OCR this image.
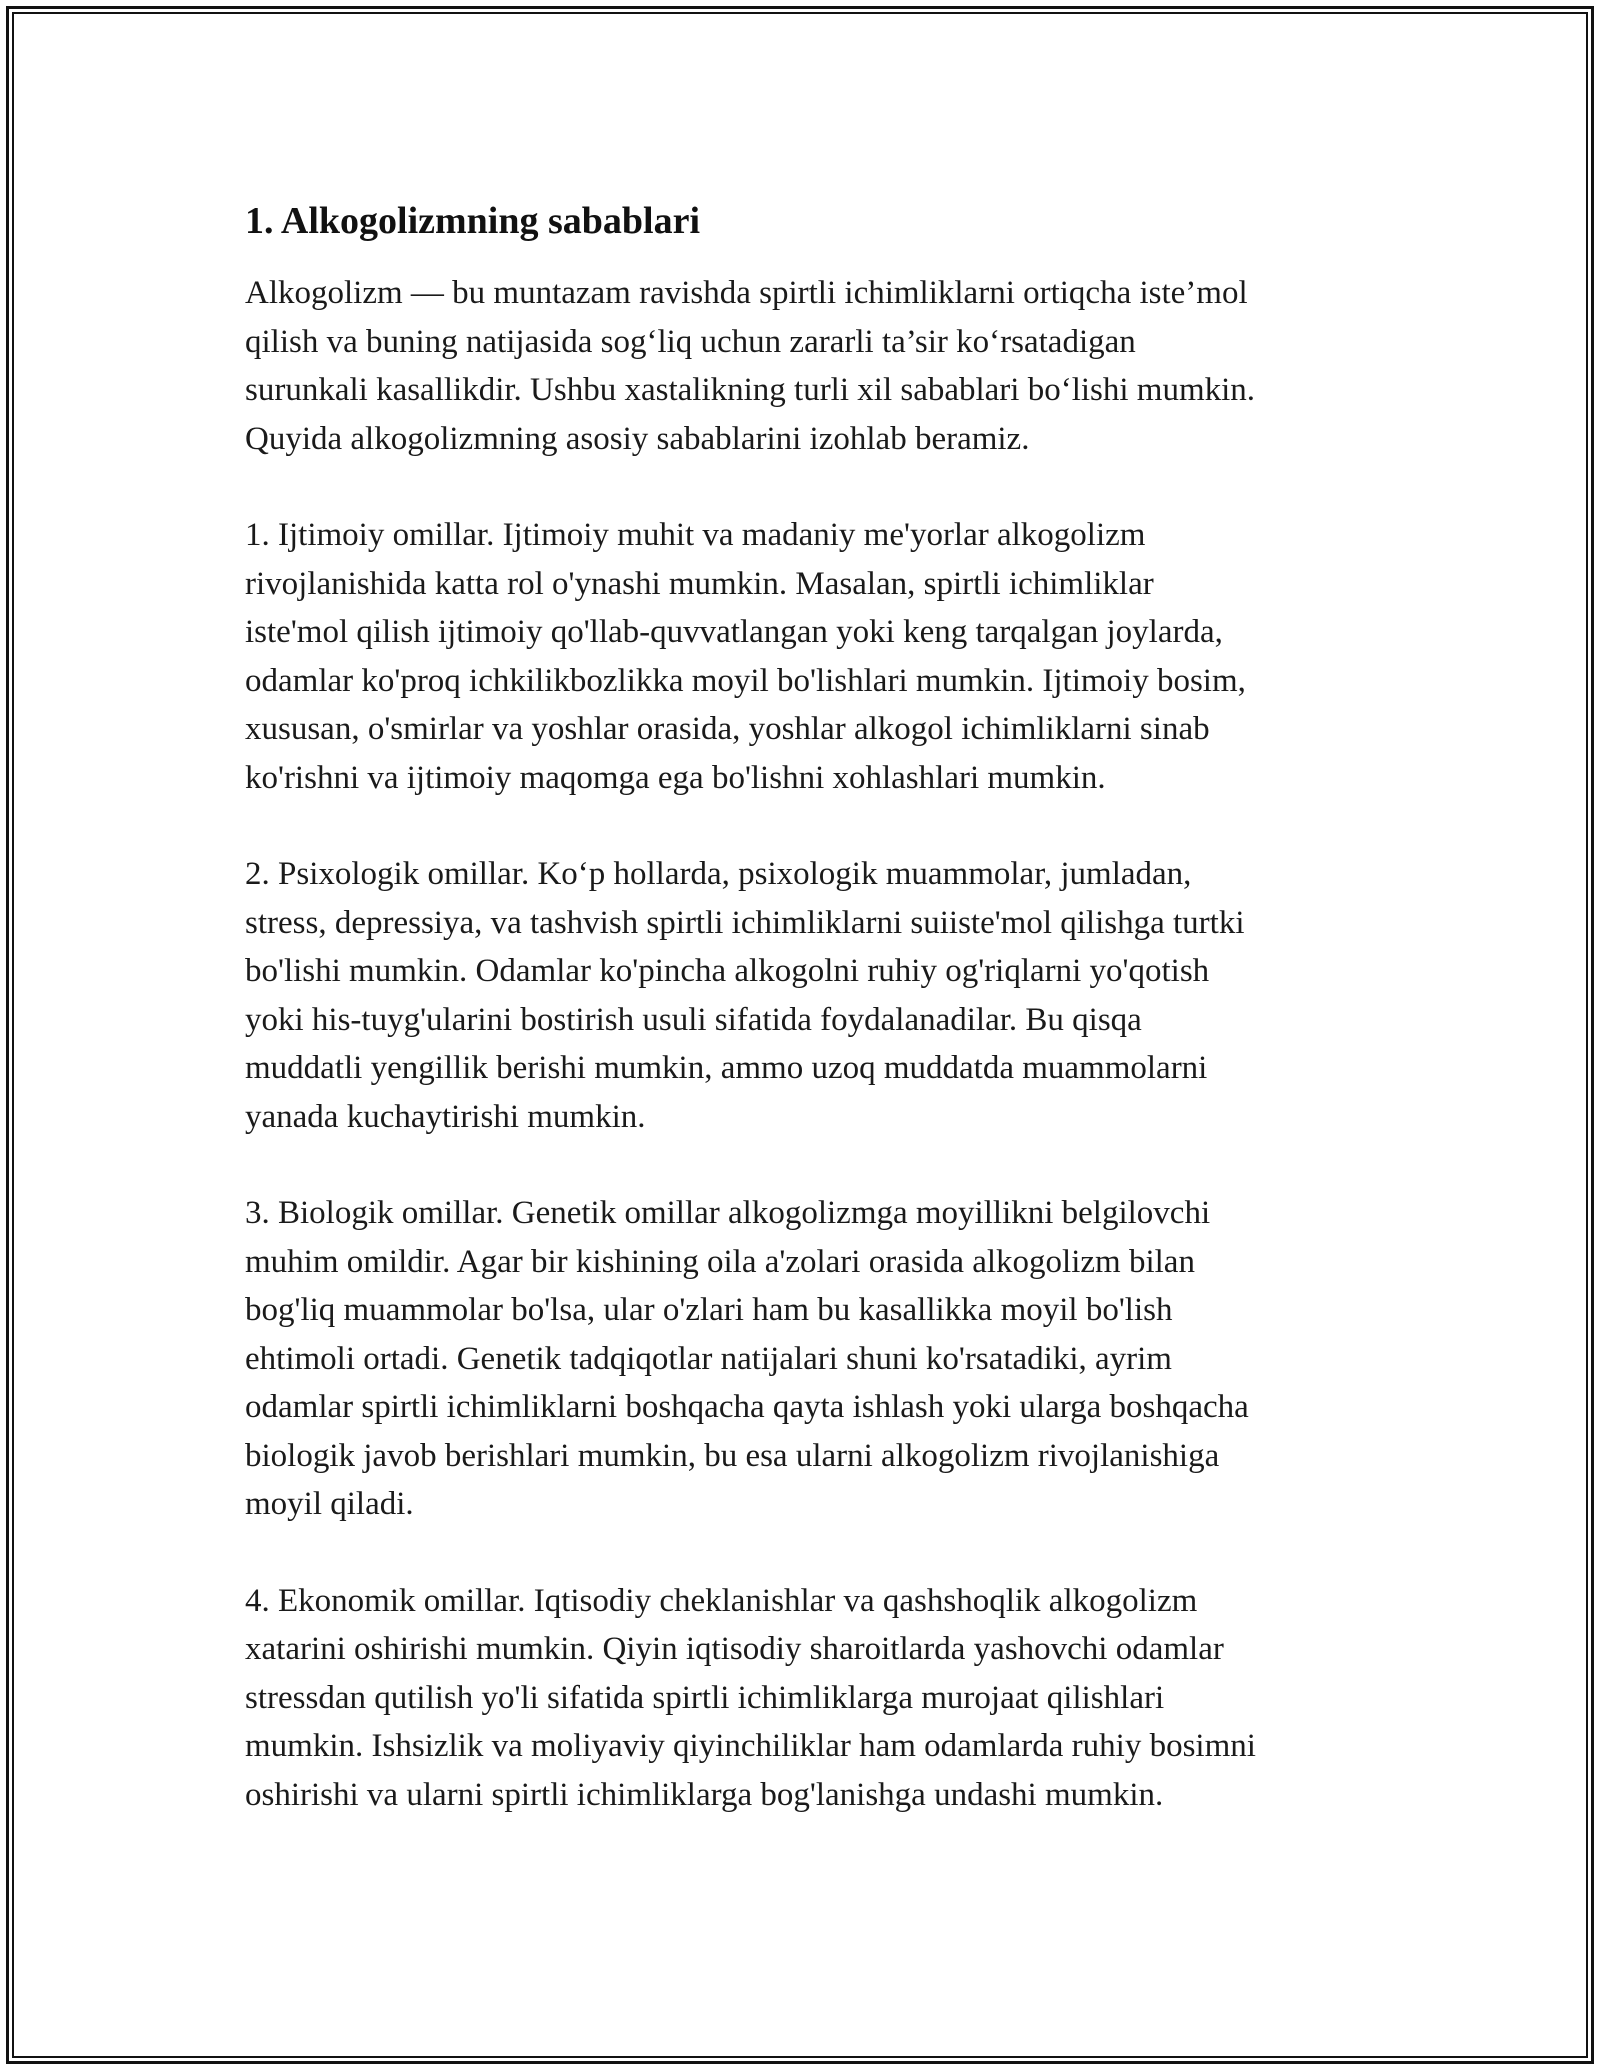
1. Alkogolizmning sabablari

Alkogolizm — bu muntazam ravishda spirtli ichimliklarni ortiqcha iste’mol
qilish va buning natijasida sog‘liq uchun zararli ta’sir ko‘rsatadigan
surunkali kasallikdir. Ushbu xastalikning turli xil sabablari bo‘lishi mumkin.
Quyida alkogolizmning asosiy sabablarini izohlab beramiz.

1. Ijtimoiy omillar. Ijtimoiy muhit va madaniy me'yorlar alkogolizm
rivojlanishida katta rol o'ynashi mumkin. Masalan, spirtli ichimliklar
iste'mol qilish ijtimoiy qo'llab-quvvatlangan yoki keng tarqalgan joylarda,
odamlar ko'proq ichkilikbozlikka moyil bo'lishlari mumkin. Ijtimoiy bosim,
xususan, o'smirlar va yoshlar orasida, yoshlar alkogol ichimliklarni sinab
ko'rishni va ijtimoiy maqomga ega bo'lishni xohlashlari mumkin.

2. Psixologik omillar. Ko‘p hollarda, psixologik muammolar, jumladan,
stress, depressiya, va tashvish spirtli ichimliklarni suiiste'mol qilishga turtki
bo'lishi mumkin. Odamlar ko'pincha alkogolni ruhiy og'riqlarni yo'qotish
yoki his-tuyg'ularini bostirish usuli sifatida foydalanadilar. Bu qisqa
muddatli yengillik berishi mumkin, ammo uzoq muddatda muammolarni
yanada kuchaytirishi mumkin.

3. Biologik omillar. Genetik omillar alkogolizmga moyillikni belgilovchi
muhim omildir. Agar bir kishining oila a'zolari orasida alkogolizm bilan
bog'liq muammolar bo'lsa, ular o'zlari ham bu kasallikka moyil bo'lish
ehtimoli ortadi. Genetik tadqiqotlar natijalari shuni ko'rsatadiki, ayrim
odamlar spirtli ichimliklarni boshqacha qayta ishlash yoki ularga boshqacha
biologik javob berishlari mumkin, bu esa ularni alkogolizm rivojlanishiga
moyil qiladi.

4. Ekonomik omillar. Iqtisodiy cheklanishlar va qashshoqlik alkogolizm
xatarini oshirishi mumkin. Qiyin iqtisodiy sharoitlarda yashovchi odamlar
stressdan qutilish yo'li sifatida spirtli ichimliklarga murojaat qilishlari
mumkin. Ishsizlik va moliyaviy qiyinchiliklar ham odamlarda ruhiy bosimni
oshirishi va ularni spirtli ichimliklarga bog'lanishga undashi mumkin.
